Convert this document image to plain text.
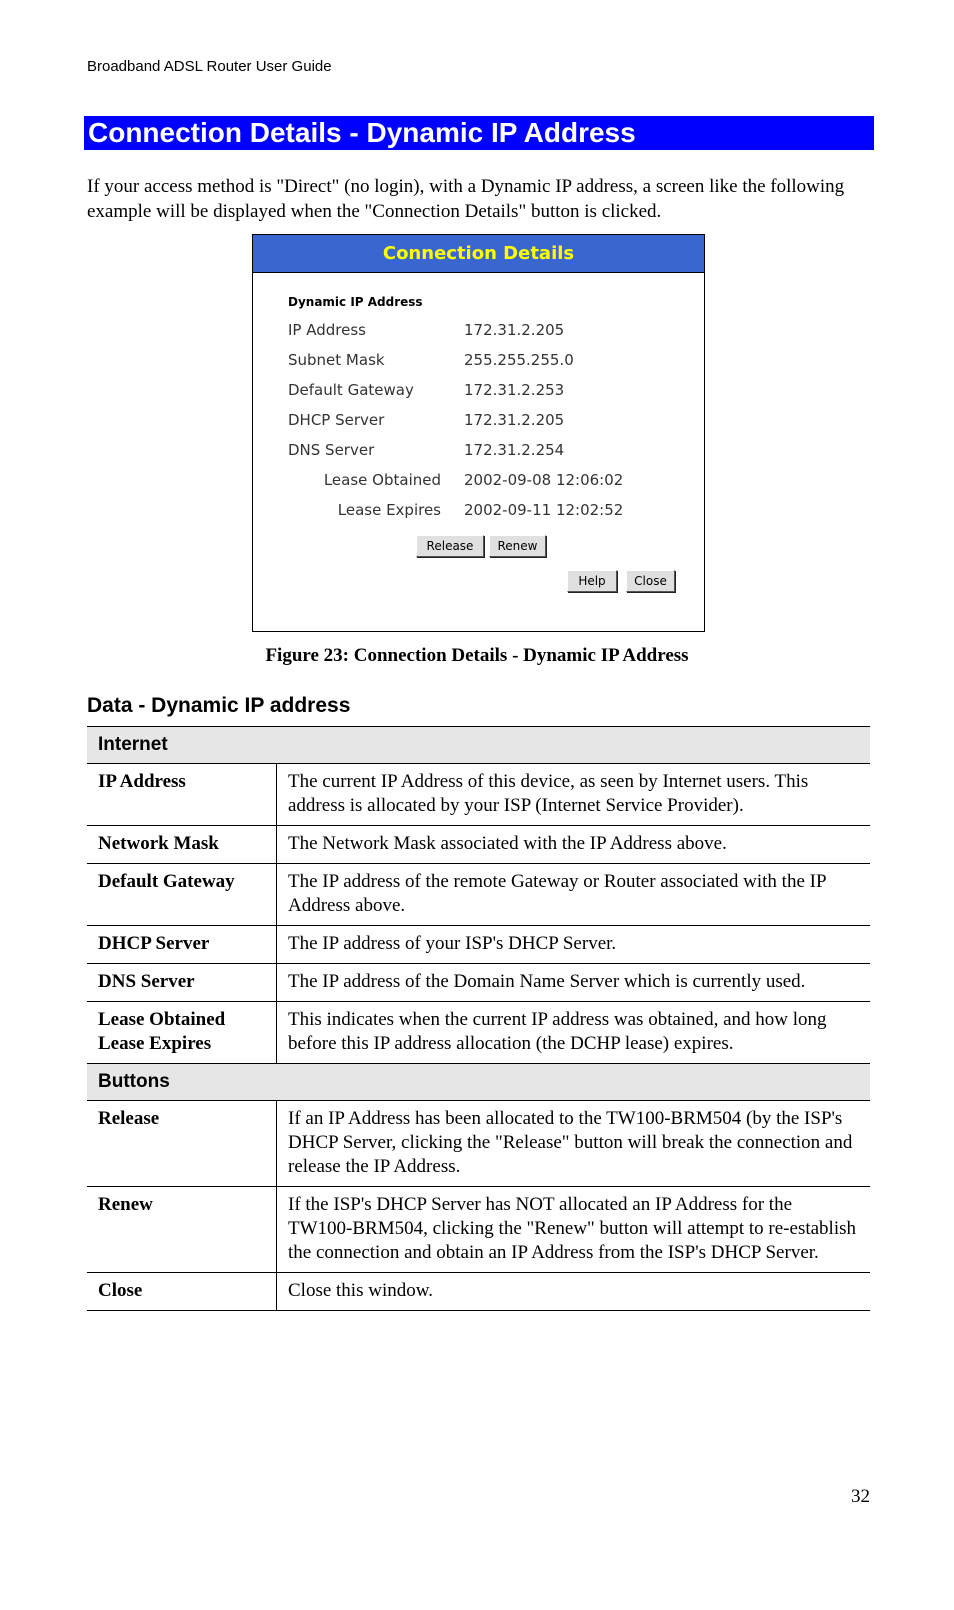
Broadband ADSL Router User Guide
Connection Details - Dynamic IP Address

If your access method is "Direct" (no login), with a Dynamic IP address, a screen like the following example will be displayed when the "Connection Details" button is clicked.

Connection Details
Dynamic IP Address
IP Address	172.31.2.205
Subnet Mask	255.255.255.0
Default Gateway	172.31.2.253
DHCP Server	172.31.2.205
DNS Server	172.31.2.254
Lease Obtained 2002-09-08 12:06:02
Lease Expires 2002-09-11 12:02:52
Release	Renew
Help	Close
Figure 23: Connection Details - Dynamic IP Address
Data - Dynamic IP address
Internet	
IP Address	The current IP Address of this device, as seen by Internet users. This address is allocated by your ISP (Internet Service Provider).
Network Mask	The Network Mask associated with the IP Address above.
Default Gateway	The IP address of the remote Gateway or Router associated with the IP Address above.
DHCP Server	The IP address of your ISP's DHCP Server.
DNS Server	The IP address of the Domain Name Server which is currently used.

Lease Obtained
Lease Expires	This indicates when the current IP address was obtained, and how long before this IP address allocation (the DCHP lease) expires.
Buttons	
Release	If an IP Address has been allocated to the TW100-BRM504 (by the ISP's DHCP Server, clicking the "Release" button will break the connection and release the IP Address.
Renew	If the ISP's DHCP Server has NOT allocated an IP Address for the TW100-BRM504, clicking the "Renew" button will attempt to re-establish the connection and obtain an IP Address from the ISP's DHCP Server.
Close	Close this window.
32
